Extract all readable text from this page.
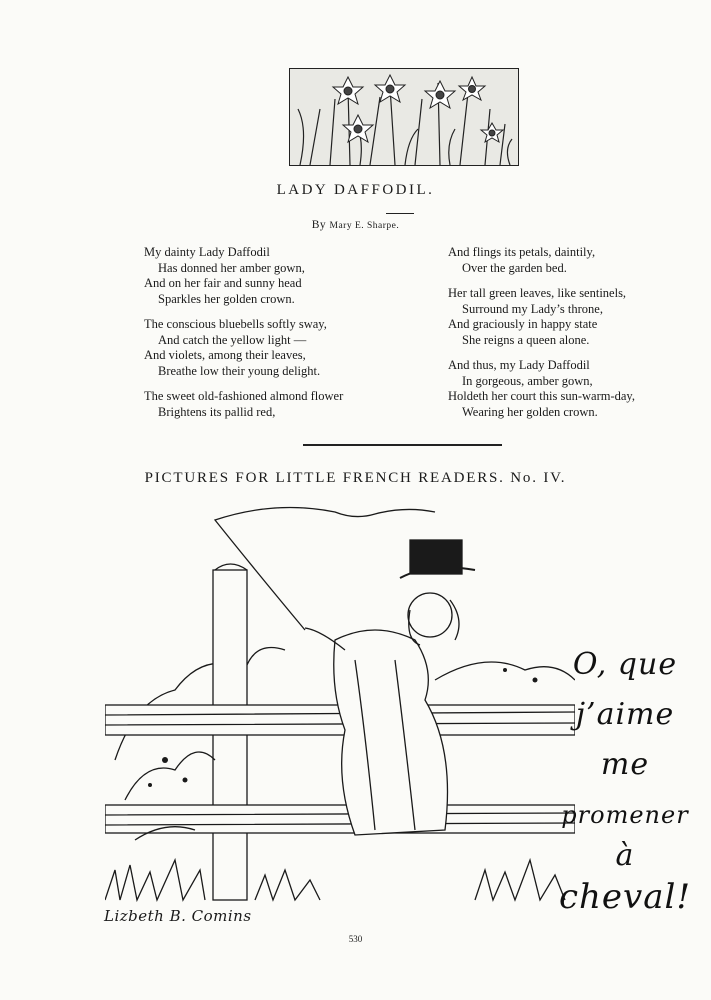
LADY DAFFODIL.
By Mary E. Sharpe.
My dainty Lady Daffodil
Has donned her amber gown,
And on her fair and sunny head
Sparkles her golden crown.
The conscious bluebells softly sway,
And catch the yellow light —
And violets, among their leaves,
Breathe low their young delight.
The sweet old-fashioned almond flower
Brightens its pallid red,
And flings its petals, daintily,
Over the garden bed.
Her tall green leaves, like sentinels,
Surround my Lady’s throne,
And graciously in happy state
She reigns a queen alone.
And thus, my Lady Daffodil
In gorgeous, amber gown,
Holdeth her court this sun-warm-day,
Wearing her golden crown.
PICTURES FOR LITTLE FRENCH READERS. No. IV.
O, que
j’aime
me
promener
à
cheval!
Lizbeth B. Comins
530
